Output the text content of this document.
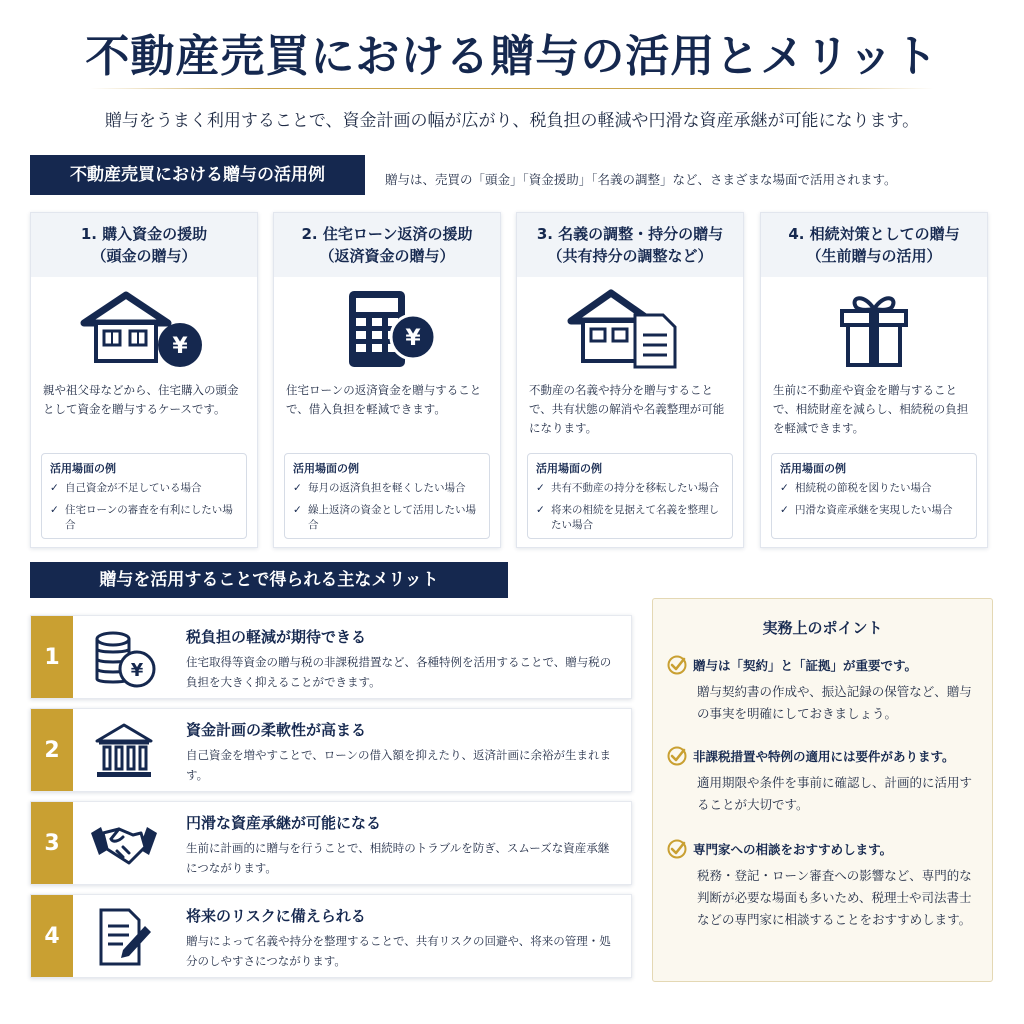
不動産売買における贈与の活用とメリット
贈与をうまく利用することで、資金計画の幅が広がり、税負担の軽減や円滑な資産承継が可能になります。
不動産売買における贈与の活用例	贈与は、売買の「頭金」「資金援助」「名義の調整」など、さまざまな場面で活用されます。
1. 購入資金の援助
（頭金の贈与）
¥
親や祖父母などから、住宅購入の頭金として資金を贈与するケースです。
活用場面の例
✓ 自己資金が不足している場合
✓ 住宅ローンの審査を有利にしたい場合
2. 住宅ローン返済の援助
（返済資金の贈与）
¥
住宅ローンの返済資金を贈与することで、借入負担を軽減できます。
活用場面の例
✓ 毎月の返済負担を軽くしたい場合
✓ 繰上返済の資金として活用したい場合
3. 名義の調整・持分の贈与
（共有持分の調整など）
不動産の名義や持分を贈与することで、共有状態の解消や名義整理が可能になります。
活用場面の例
✓ 共有不動産の持分を移転したい場合
✓ 将来の相続を見据えて名義を整理したい場合
4. 相続対策としての贈与
（生前贈与の活用）
生前に不動産や資金を贈与することで、相続財産を減らし、相続税の負担を軽減できます。
活用場面の例
✓ 相続税の節税を図りたい場合
✓ 円滑な資産承継を実現したい場合
贈与を活用することで得られる主なメリット
1
¥
税負担の軽減が期待できる
住宅取得等資金の贈与税の非課税措置など、各種特例を活用することで、贈与税の負担を大きく抑えることができます。
2
資金計画の柔軟性が高まる
自己資金を増やすことで、ローンの借入額を抑えたり、返済計画に余裕が生まれます。
3
円滑な資産承継が可能になる
生前に計画的に贈与を行うことで、相続時のトラブルを防ぎ、スムーズな資産承継につながります。
4
将来のリスクに備えられる
贈与によって名義や持分を整理することで、共有リスクの回避や、将来の管理・処分のしやすさにつながります。
実務上のポイント
贈与は「契約」と「証拠」が重要です。
贈与契約書の作成や、振込記録の保管など、贈与の事実を明確にしておきましょう。
非課税措置や特例の適用には要件があります。
適用期限や条件を事前に確認し、計画的に活用することが大切です。
専門家への相談をおすすめします。
税務・登記・ローン審査への影響など、専門的な判断が必要な場面も多いため、税理士や司法書士などの専門家に相談することをおすすめします。
